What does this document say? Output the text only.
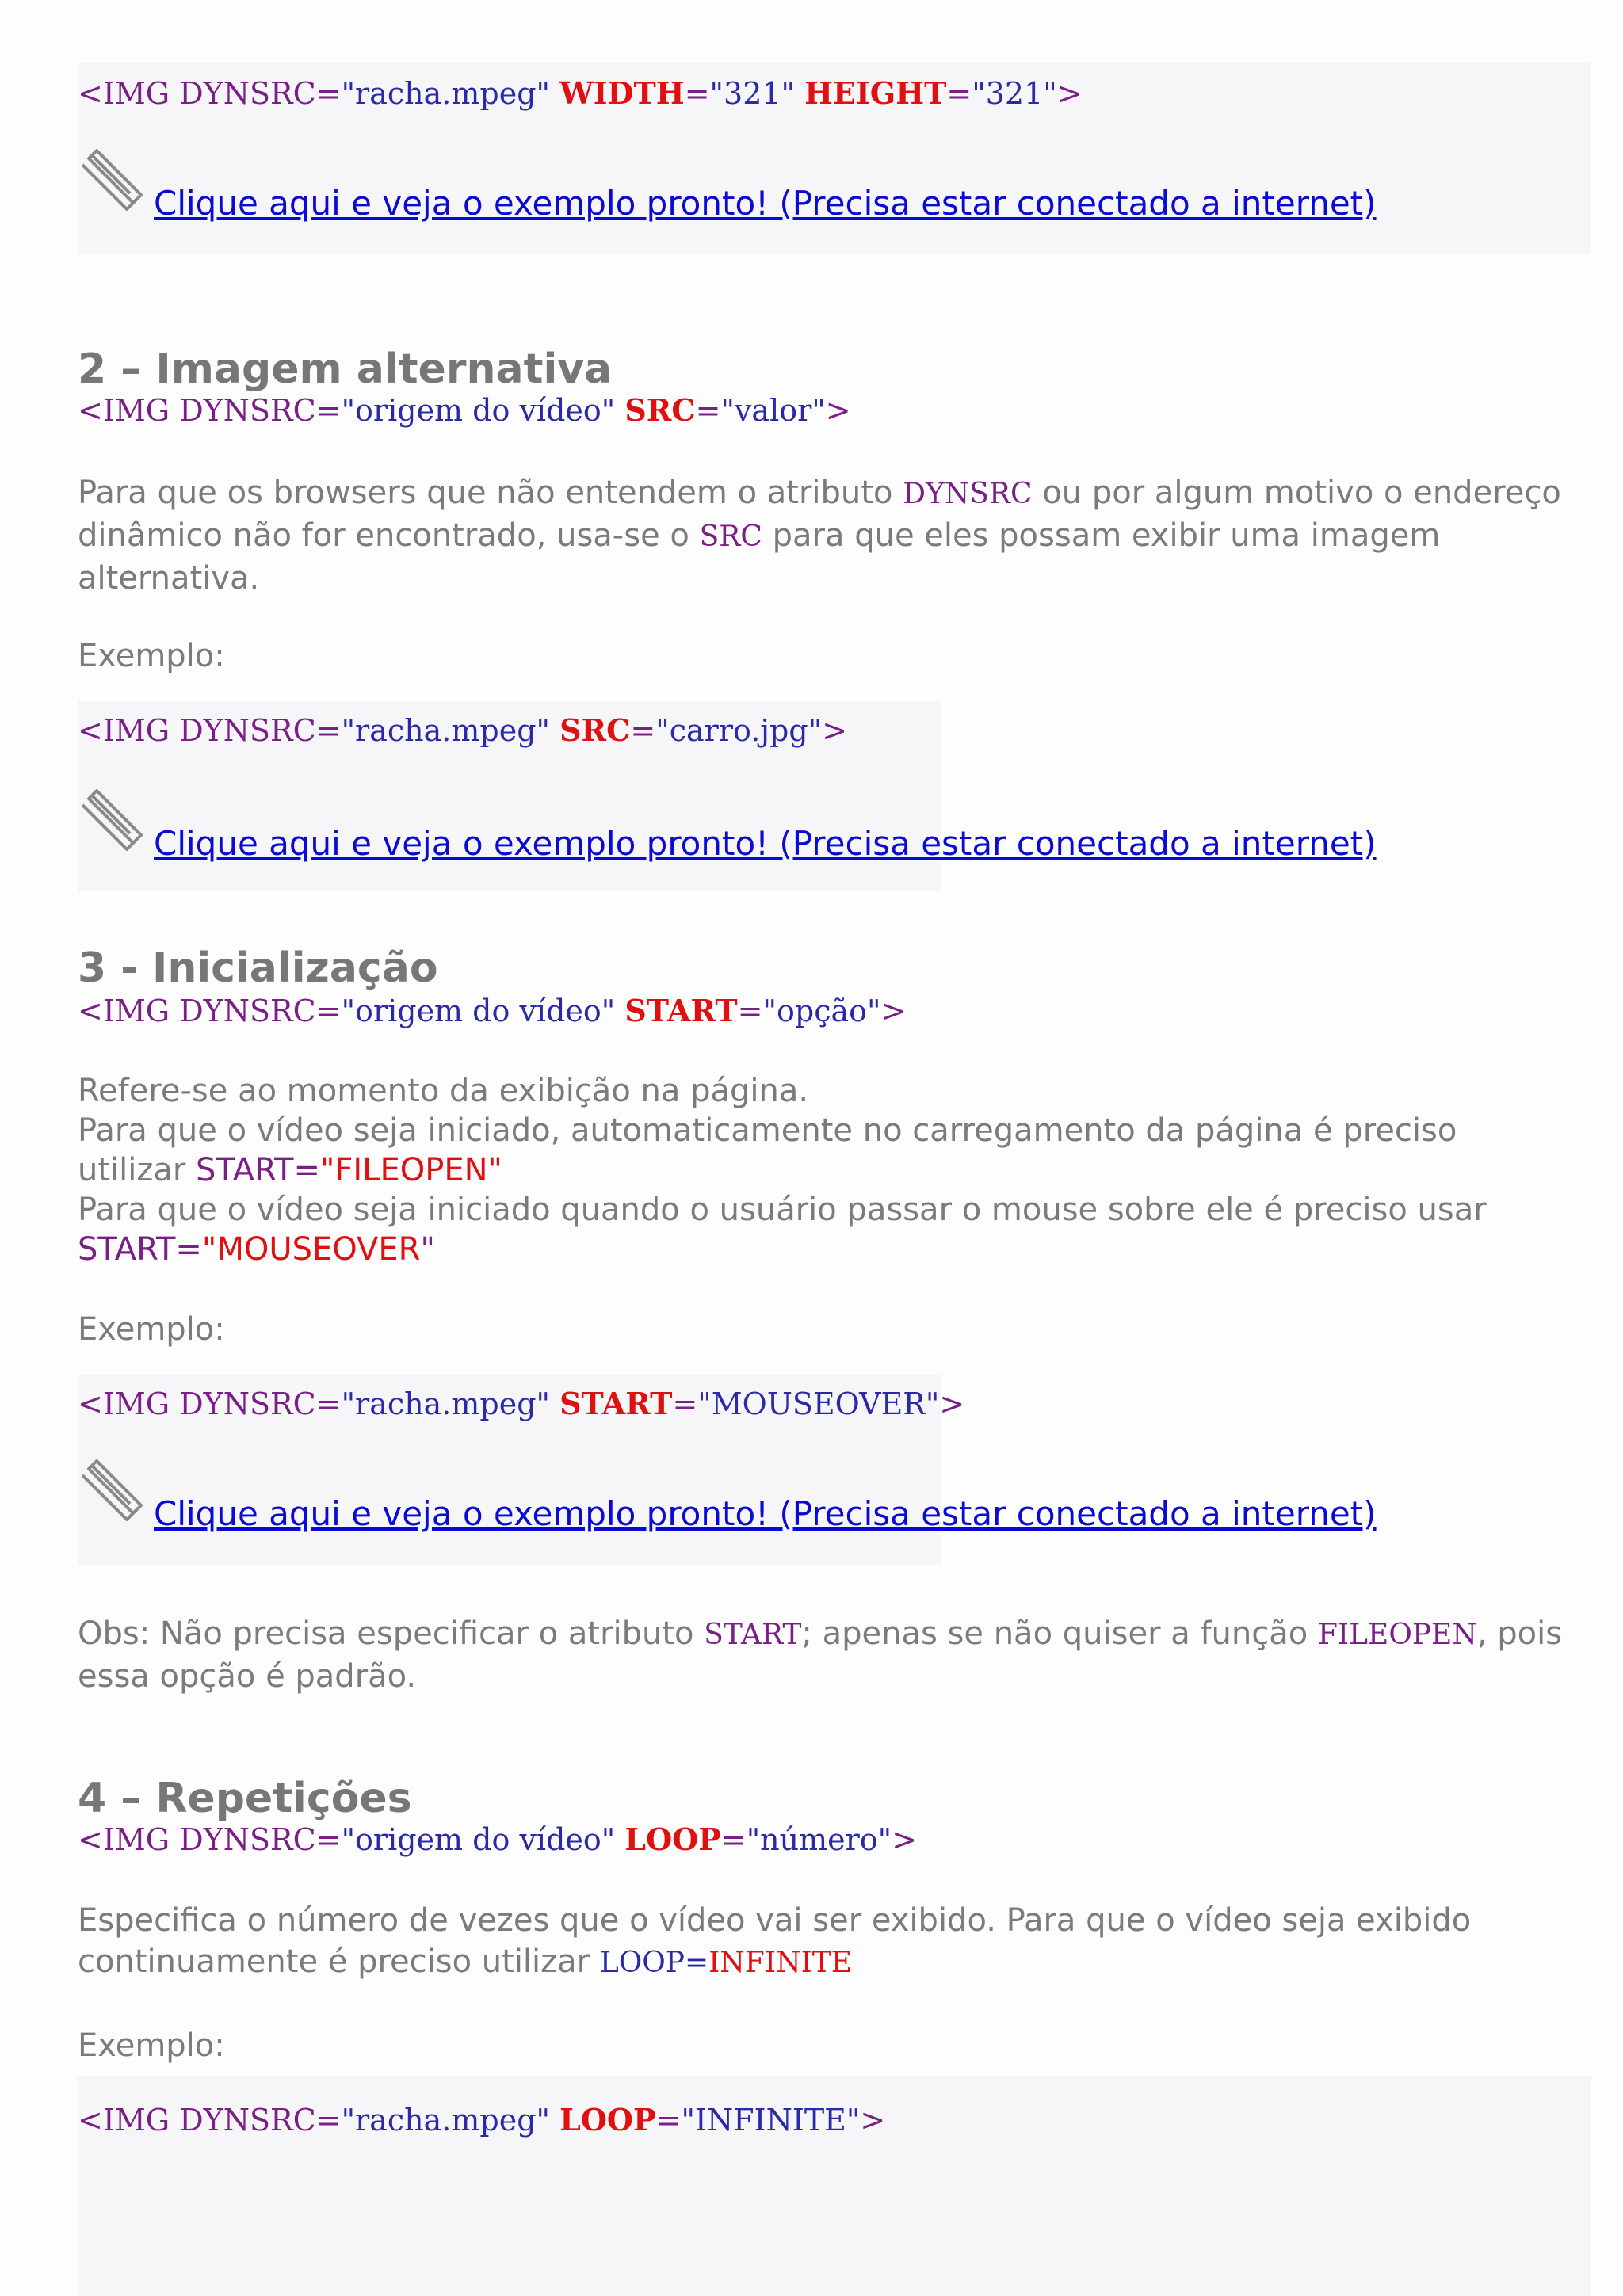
<IMG DYNSRC="racha.mpeg" WIDTH="321" HEIGHT="321">
Clique aqui e veja o exemplo pronto! (Precisa estar conectado a internet)
2 – Imagem alternativa
<IMG DYNSRC="origem do vídeo" SRC="valor">
Para que os browsers que não entendem o atributo DYNSRC ou por algum motivo o endereço dinâmico não for encontrado, usa-se o SRC para que eles possam exibir uma imagem alternativa.
Exemplo:
<IMG DYNSRC="racha.mpeg" SRC="carro.jpg">
Clique aqui e veja o exemplo pronto! (Precisa estar conectado a internet)
3 - Inicialização
<IMG DYNSRC="origem do vídeo" START="opção">
Refere-se ao momento da exibição na página.
Para que o vídeo seja iniciado, automaticamente no carregamento da página é preciso utilizar START="FILEOPEN"
Para que o vídeo seja iniciado quando o usuário passar o mouse sobre ele é preciso usar START="MOUSEOVER"
Exemplo:
<IMG DYNSRC="racha.mpeg" START="MOUSEOVER">
Clique aqui e veja o exemplo pronto! (Precisa estar conectado a internet)
Obs: Não precisa especificar o atributo START; apenas se não quiser a função FILEOPEN, pois essa opção é padrão.
4 – Repetições
<IMG DYNSRC="origem do vídeo" LOOP="número">
Especifica o número de vezes que o vídeo vai ser exibido. Para que o vídeo seja exibido continuamente é preciso utilizar LOOP=INFINITE
Exemplo:
<IMG DYNSRC="racha.mpeg" LOOP="INFINITE">
